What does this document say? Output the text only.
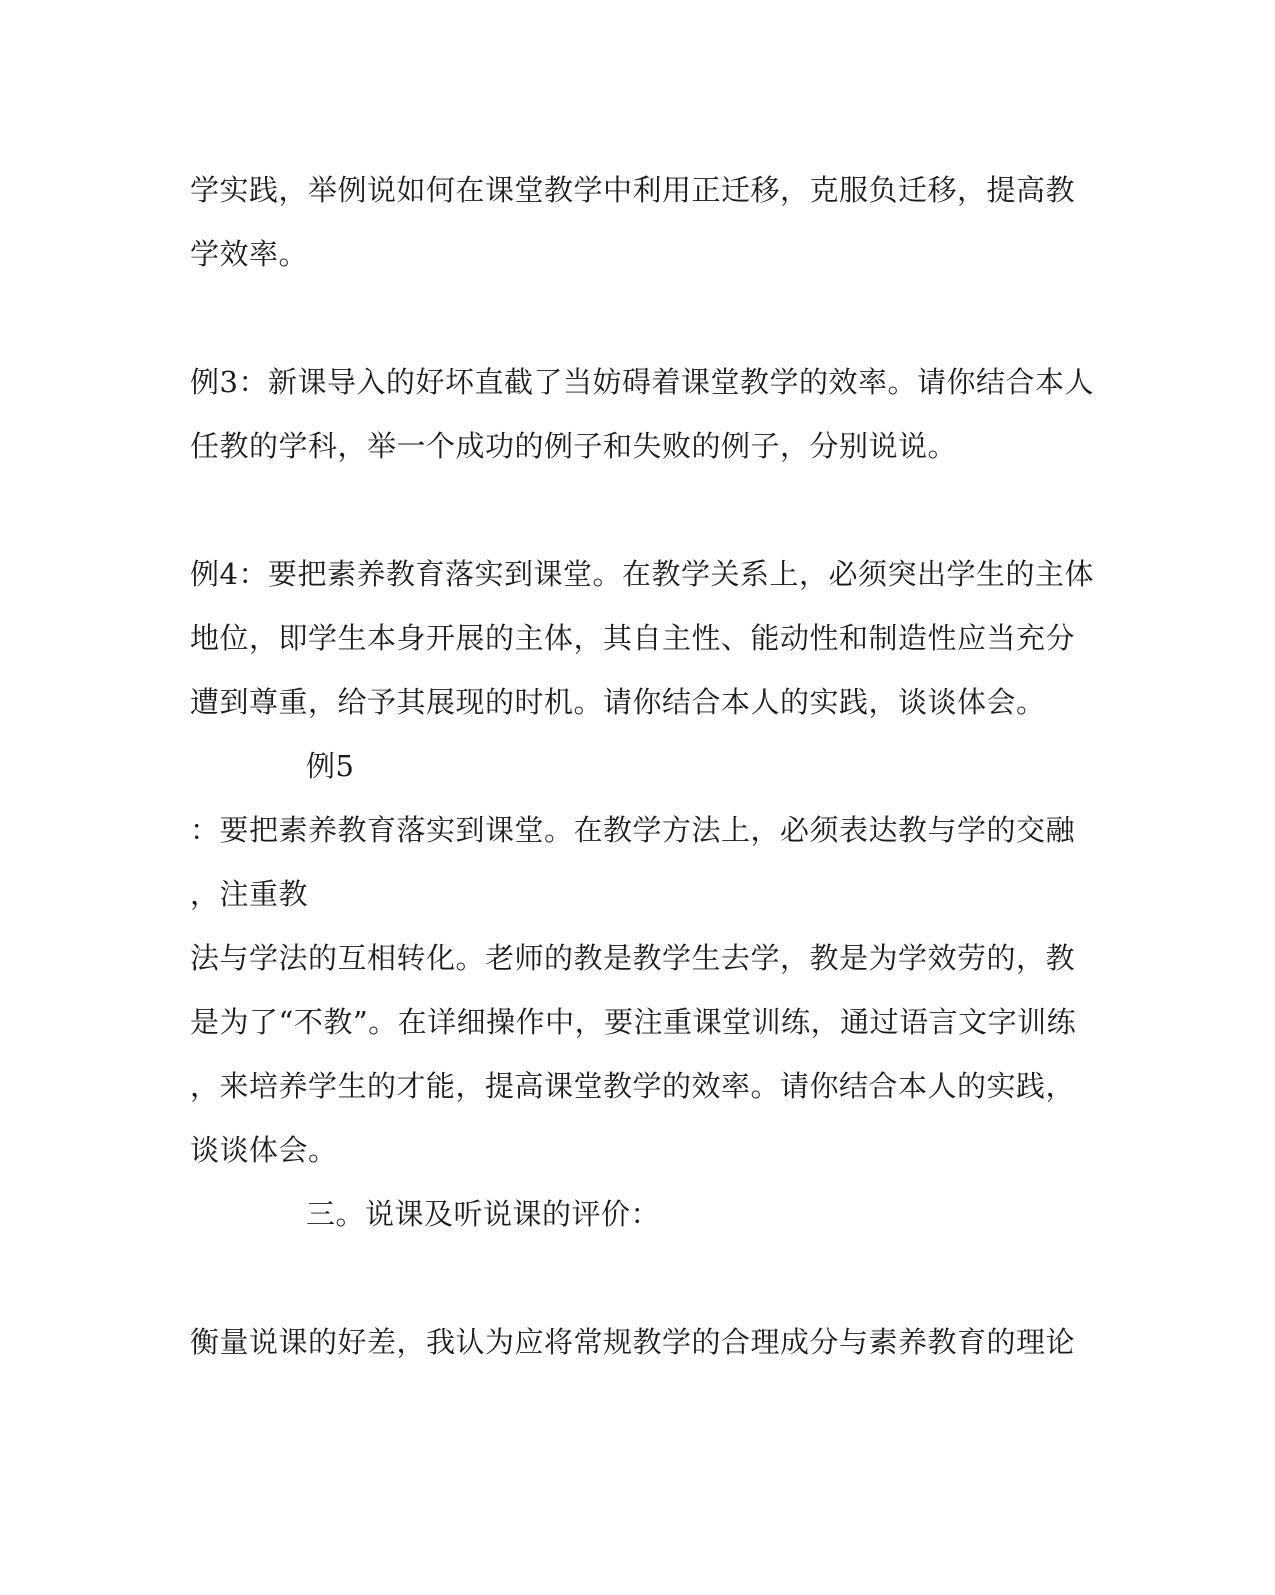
学实践，举例说如何在课堂教学中利用正迁移，克服负迁移，提高教
学效率。
例3：新课导入的好坏直截了当妨碍着课堂教学的效率。请你结合本人
任教的学科，举一个成功的例子和失败的例子，分别说说。
例4：要把素养教育落实到课堂。在教学关系上，必须突出学生的主体
地位，即学生本身开展的主体，其自主性、能动性和制造性应当充分
遭到尊重，给予其展现的时机。请你结合本人的实践，谈谈体会。
例5
：要把素养教育落实到课堂。在教学方法上，必须表达教与学的交融
，注重教
法与学法的互相转化。老师的教是教学生去学，教是为学效劳的，教
是为了“不教”。在详细操作中，要注重课堂训练，通过语言文字训练
，来培养学生的才能，提高课堂教学的效率。请你结合本人的实践，
谈谈体会。
三。说课及听说课的评价：
衡量说课的好差，我认为应将常规教学的合理成分与素养教育的理论
